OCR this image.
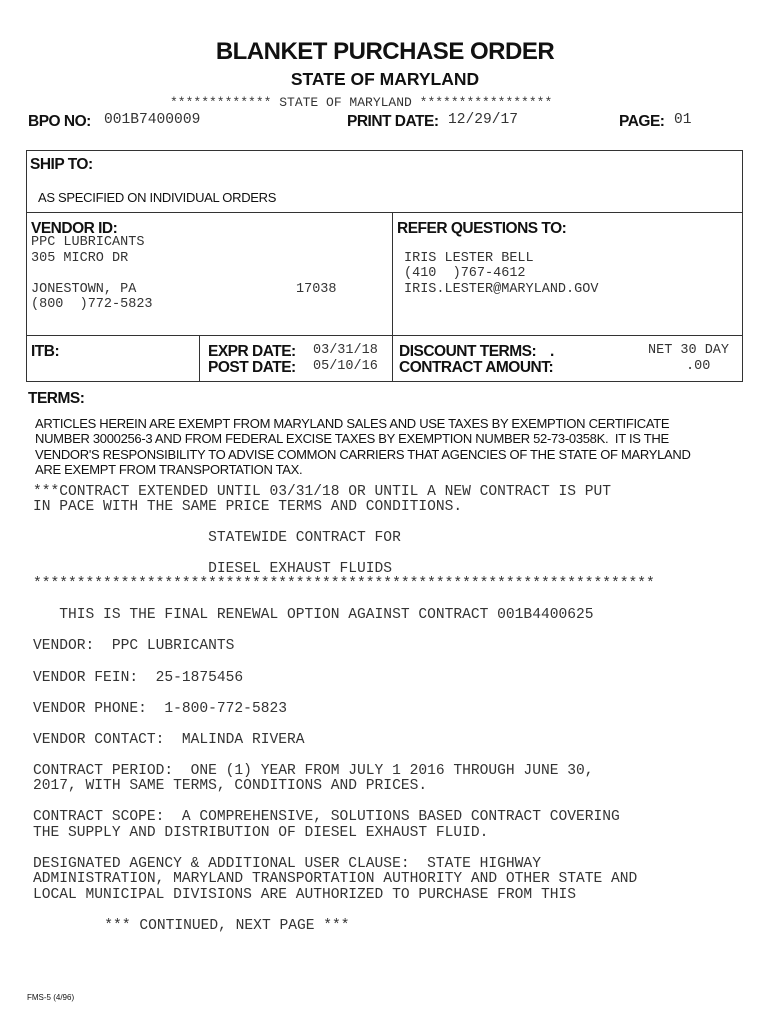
BLANKET PURCHASE ORDER
STATE OF MARYLAND
************* STATE OF MARYLAND *****************
BPO NO: 001B7400009	PRINT DATE: 12/29/17	PAGE: 01
SHIP TO:
AS SPECIFIED ON INDIVIDUAL ORDERS
VENDOR ID:
PPC LUBRICANTS
305 MICRO DR
JONESTOWN, PA	17038
(800  )772-5823
REFER QUESTIONS TO:
IRIS LESTER BELL
(410  )767-4612
IRIS.LESTER@MARYLAND.GOV
ITB:	EXPR DATE: 03/31/18
POST DATE: 05/10/16
DISCOUNT TERMS: .	NET 30 DAY
CONTRACT AMOUNT:	.00
TERMS:
ARTICLES HEREIN ARE EXEMPT FROM MARYLAND SALES AND USE TAXES BY EXEMPTION CERTIFICATE
NUMBER 3000256-3 AND FROM FEDERAL EXCISE TAXES BY EXEMPTION NUMBER 52-73-0358K.  IT IS THE
VENDOR'S RESPONSIBILITY TO ADVISE COMMON CARRIERS THAT AGENCIES OF THE STATE OF MARYLAND
ARE EXEMPT FROM TRANSPORTATION TAX.
***CONTRACT EXTENDED UNTIL 03/31/18 OR UNTIL A NEW CONTRACT IS PUT
IN PACE WITH THE SAME PRICE TERMS AND CONDITIONS.
STATEWIDE CONTRACT FOR
DIESEL EXHAUST FLUIDS
***********************************************************************
THIS IS THE FINAL RENEWAL OPTION AGAINST CONTRACT 001B4400625
VENDOR:  PPC LUBRICANTS
VENDOR FEIN:  25-1875456
VENDOR PHONE:  1-800-772-5823
VENDOR CONTACT:  MALINDA RIVERA
CONTRACT PERIOD:  ONE (1) YEAR FROM JULY 1 2016 THROUGH JUNE 30,
2017, WITH SAME TERMS, CONDITIONS AND PRICES.
CONTRACT SCOPE:  A COMPREHENSIVE, SOLUTIONS BASED CONTRACT COVERING
THE SUPPLY AND DISTRIBUTION OF DIESEL EXHAUST FLUID.
DESIGNATED AGENCY & ADDITIONAL USER CLAUSE:  STATE HIGHWAY
ADMINISTRATION, MARYLAND TRANSPORTATION AUTHORITY AND OTHER STATE AND
LOCAL MUNICIPAL DIVISIONS ARE AUTHORIZED TO PURCHASE FROM THIS
*** CONTINUED, NEXT PAGE ***
FMS-5 (4/96)
